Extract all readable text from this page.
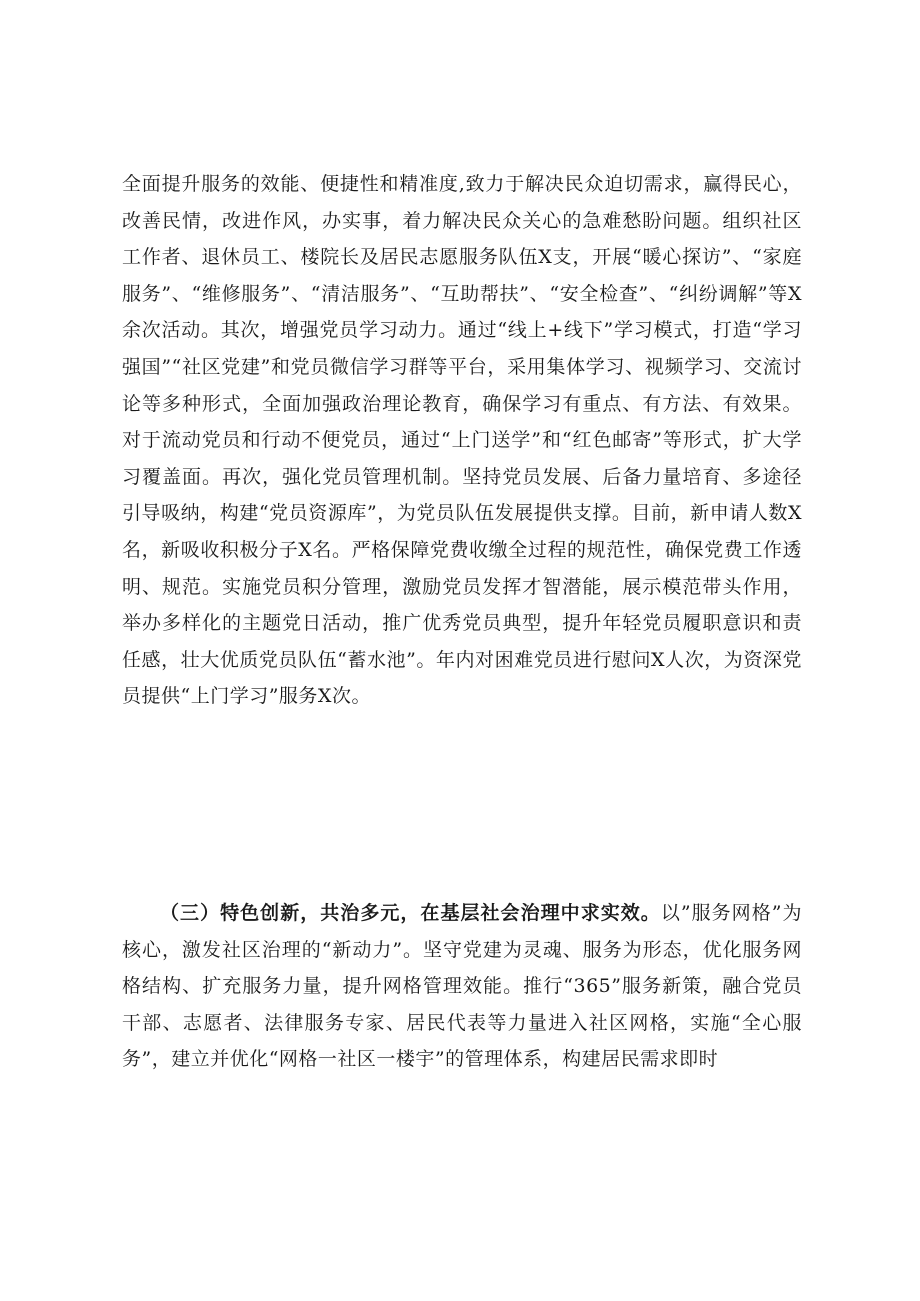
全面提升服务的效能、便捷性和精准度,致力于解决民众迫切需求，赢得民心，改善民情，改进作风，办实事，着力解决民众关心的急难愁盼问题。组织社区工作者、退休员工、楼院长及居民志愿服务队伍X支，开展“暖心探访”、“家庭服务”、“维修服务”、“清洁服务”、“互助帮扶”、“安全检查”、“纠纷调解”等X余次活动。其次，增强党员学习动力。通过“线上+线下”学习模式，打造“学习强国”“社区党建”和党员微信学习群等平台，采用集体学习、视频学习、交流讨论等多种形式，全面加强政治理论教育，确保学习有重点、有方法、有效果。对于流动党员和行动不便党员，通过“上门送学”和“红色邮寄”等形式，扩大学习覆盖面。再次，强化党员管理机制。坚持党员发展、后备力量培育、多途径引导吸纳，构建“党员资源库”，为党员队伍发展提供支撑。目前，新申请人数X名，新吸收积极分子X名。严格保障党费收缴全过程的规范性，确保党费工作透明、规范。实施党员积分管理，激励党员发挥才智潜能，展示模范带头作用，举办多样化的主题党日活动，推广优秀党员典型，提升年轻党员履职意识和责任感，壮大优质党员队伍“蓄水池”。年内对困难党员进行慰问X人次，为资深党员提供“上门学习”服务X次。

（三）特色创新，共治多元，在基层社会治理中求实效。以”服务网格”为核心，激发社区治理的“新动力”。坚守党建为灵魂、服务为形态，优化服务网格结构、扩充服务力量，提升网格管理效能。推行“365”服务新策，融合党员干部、志愿者、法律服务专家、居民代表等力量进入社区网格，实施“全心服务”，建立并优化“网格一社区一楼宇”的管理体系，构建居民需求即时
